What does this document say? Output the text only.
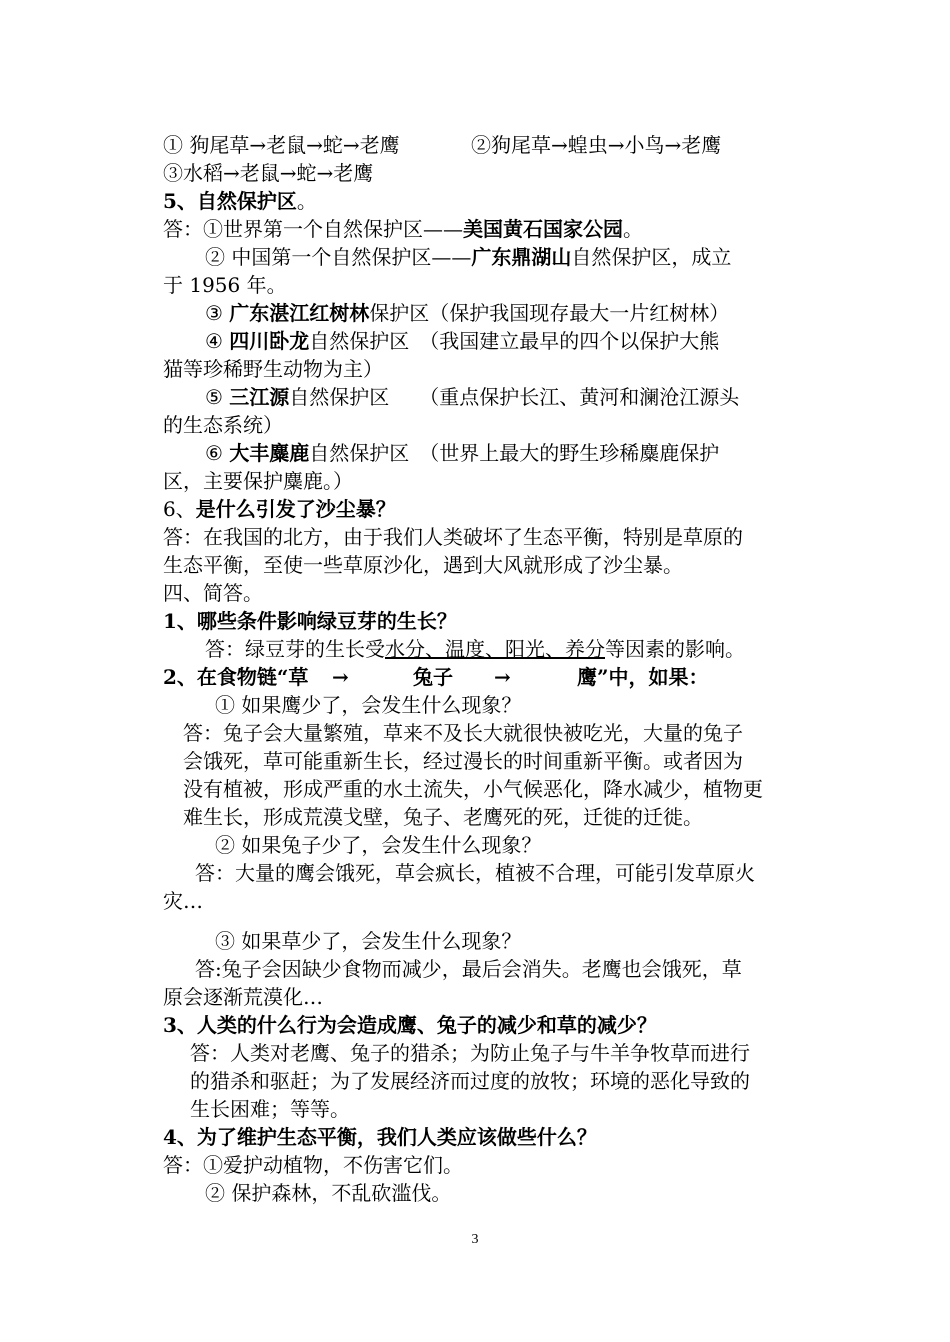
① 狗尾草→老鼠→蛇→老鹰	②狗尾草→蝗虫→小鸟→老鹰
③水稻→老鼠→蛇→老鹰
5、自然保护区。
答：①世界第一个自然保护区——美国黄石国家公园。
② 中国第一个自然保护区——广东鼎湖山自然保护区，成立
于 1956 年。
③ 广东湛江红树林保护区（保护我国现存最大一片红树林）
④ 四川卧龙自然保护区　（我国建立最早的四个以保护大熊
猫等珍稀野生动物为主）
⑤ 三江源自然保护区　　（重点保护长江、黄河和澜沧江源头
的生态系统）
⑥ 大丰麋鹿自然保护区　（世界上最大的野生珍稀麋鹿保护
区，主要保护麋鹿。）
6、是什么引发了沙尘暴？
答：在我国的北方，由于我们人类破坏了生态平衡，特别是草原的
生态平衡，至使一些草原沙化，遇到大风就形成了沙尘暴。
四、简答。
1、哪些条件影响绿豆芽的生长？
答：绿豆芽的生长受水分、温度、阳光、养分等因素的影响。
2、在食物链“草 →	兔子 →	鹰”中，如果：
① 如果鹰少了，会发生什么现象？
答：兔子会大量繁殖，草来不及长大就很快被吃光，大量的兔子
会饿死，草可能重新生长，经过漫长的时间重新平衡。或者因为
没有植被，形成严重的水土流失，小气候恶化，降水减少，植物更
难生长，形成荒漠戈壁，兔子、老鹰死的死，迁徙的迁徙。
② 如果兔子少了，会发生什么现象？
答：大量的鹰会饿死，草会疯长，植被不合理，可能引发草原火
灾…
③ 如果草少了，会发生什么现象？
答:兔子会因缺少食物而减少，最后会消失。老鹰也会饿死，草
原会逐渐荒漠化…
3、人类的什么行为会造成鹰、兔子的减少和草的减少？
答：人类对老鹰、兔子的猎杀；为防止兔子与牛羊争牧草而进行
的猎杀和驱赶；为了发展经济而过度的放牧；环境的恶化导致的
生长困难；等等。
4、为了维护生态平衡，我们人类应该做些什么？
答：①爱护动植物，不伤害它们。
② 保护森林，不乱砍滥伐。
3
